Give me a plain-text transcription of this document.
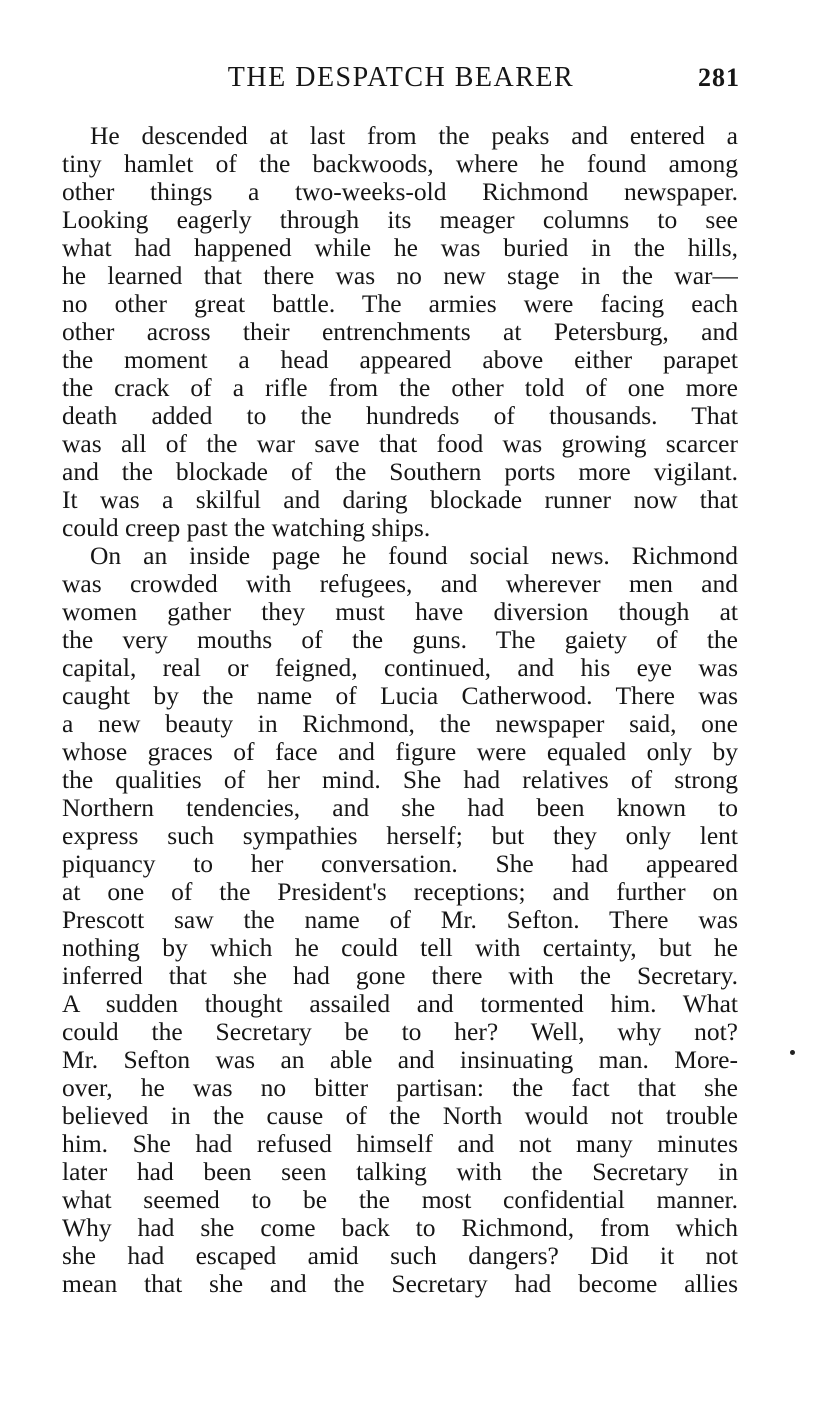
THE DESPATCH BEARER	281
He descended at last from the peaks and entered a
tiny hamlet of the backwoods, where he found among
other things a two-weeks-old Richmond newspaper.
Looking eagerly through its meager columns to see
what had happened while he was buried in the hills,
he learned that there was no new stage in the war—
no other great battle. The armies were facing each
other across their entrenchments at Petersburg, and
the moment a head appeared above either parapet
the crack of a rifle from the other told of one more
death added to the hundreds of thousands. That
was all of the war save that food was growing scarcer
and the blockade of the Southern ports more vigilant.
It was a skilful and daring blockade runner now that
could creep past the watching ships.
On an inside page he found social news. Richmond
was crowded with refugees, and wherever men and
women gather they must have diversion though at
the very mouths of the guns. The gaiety of the
capital, real or feigned, continued, and his eye was
caught by the name of Lucia Catherwood. There was
a new beauty in Richmond, the newspaper said, one
whose graces of face and figure were equaled only by
the qualities of her mind. She had relatives of strong
Northern tendencies, and she had been known to
express such sympathies herself; but they only lent
piquancy to her conversation. She had appeared
at one of the President's receptions; and further on
Prescott saw the name of Mr. Sefton. There was
nothing by which he could tell with certainty, but he
inferred that she had gone there with the Secretary.
A sudden thought assailed and tormented him. What
could the Secretary be to her? Well, why not?
Mr. Sefton was an able and insinuating man. More-
over, he was no bitter partisan: the fact that she
believed in the cause of the North would not trouble
him. She had refused himself and not many minutes
later had been seen talking with the Secretary in
what seemed to be the most confidential manner.
Why had she come back to Richmond, from which
she had escaped amid such dangers? Did it not
mean that she and the Secretary had become allies
